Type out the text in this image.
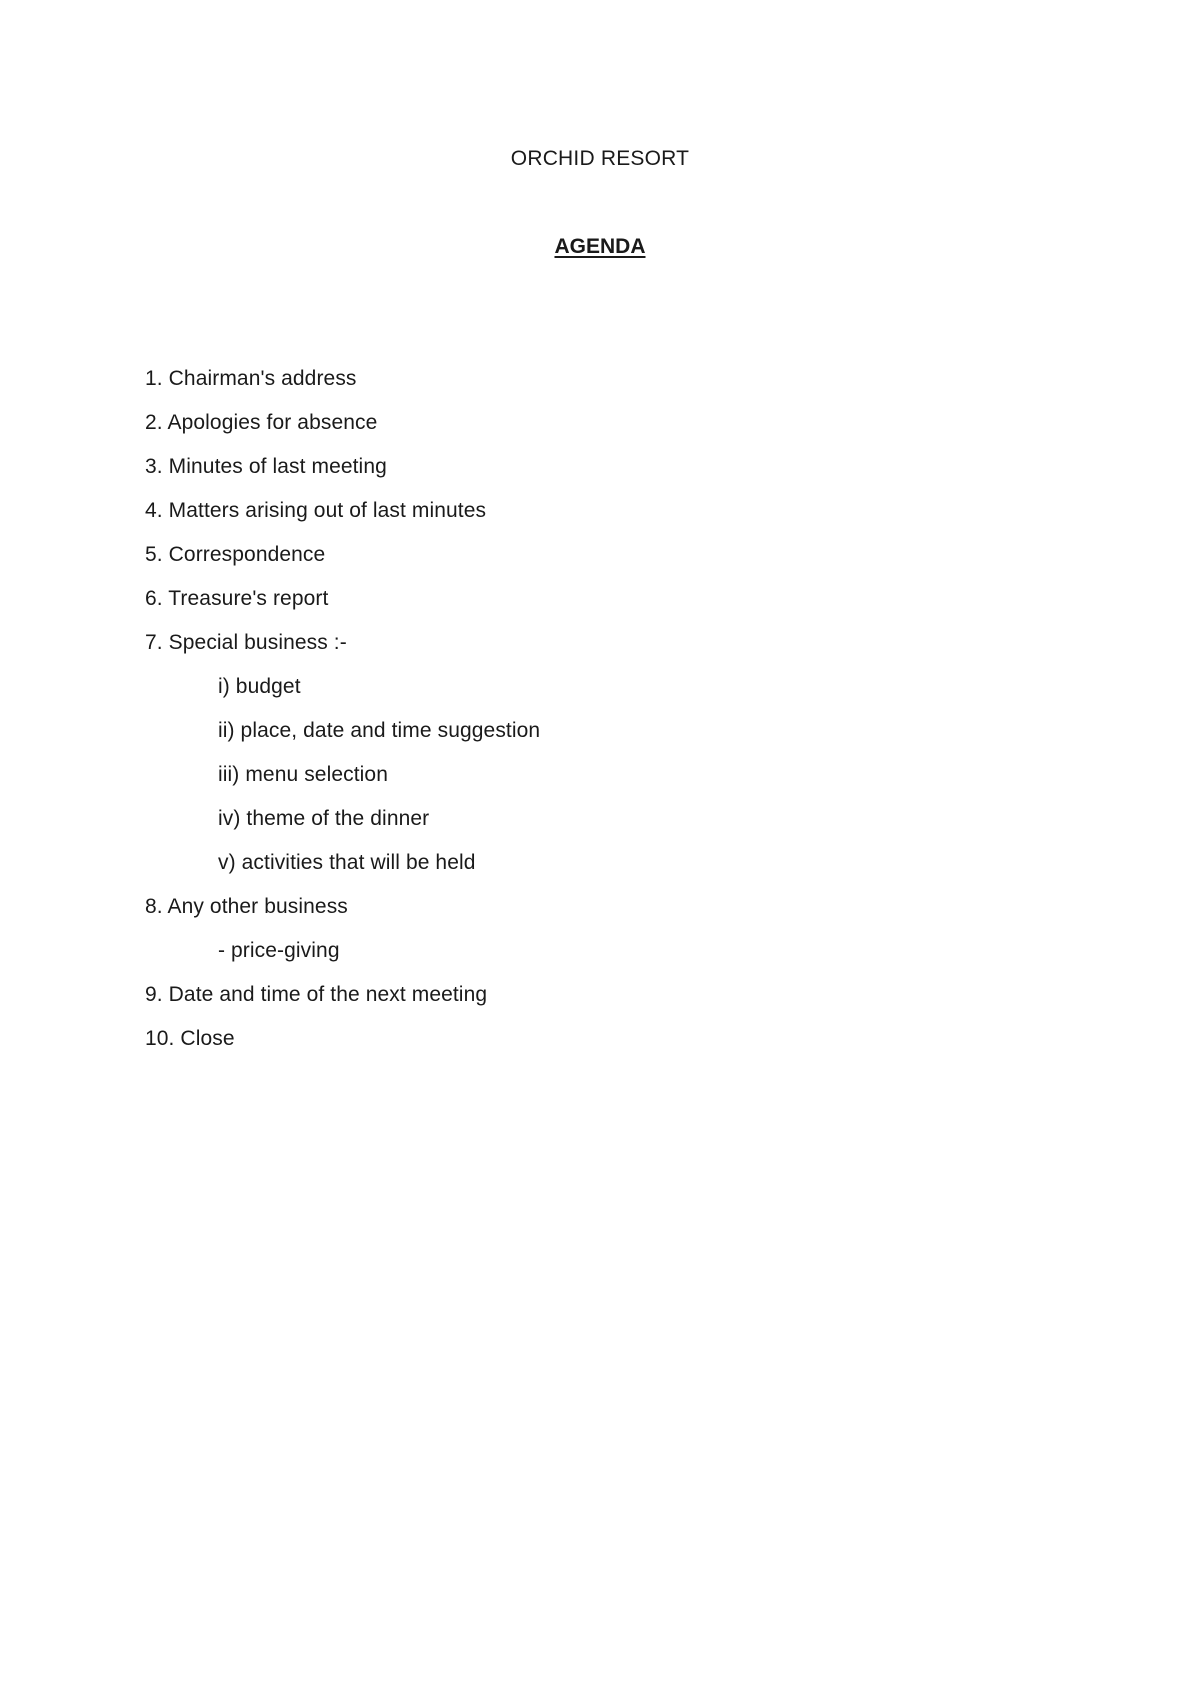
ORCHID RESORT
AGENDA
1. Chairman's address
2. Apologies for absence
3. Minutes of last meeting
4. Matters arising out of last minutes
5. Correspondence
6. Treasure's report
7. Special business :-
i) budget
ii) place, date and time suggestion
iii) menu selection
iv) theme of the dinner
v) activities that will be held
8. Any other business
- price-giving
9. Date and time of the next meeting
10. Close
